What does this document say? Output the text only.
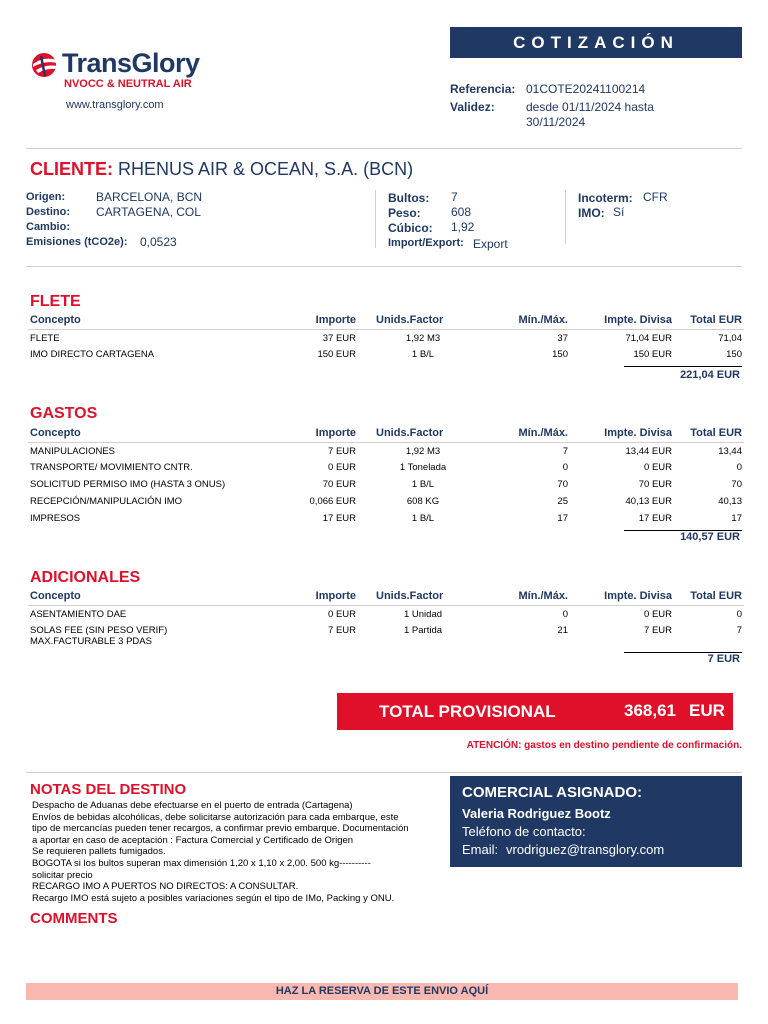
TransGlory
NVOCC & NEUTRAL AIR
www.transglory.com
COTIZACIÓN
Referencia: 01COTE20241100214
Validez:	desde 01/11/2024 hasta
30/11/2024
CLIENTE: RHENUS AIR & OCEAN, S.A. (BCN)
Origen:	BARCELONA, BCN
Destino: CARTAGENA, COL
Cambio:
Emisiones (tCO2e): 0,0523
Bultos: 7
Peso:	608
Cúbico: 1,92
Import/Export: Export
Incoterm: CFR
IMO: Sí
FLETE
Concepto	Importe	Unids.Factor	Mín./Máx.	Impte. Divisa	Total EUR
FLETE	37 EUR	1,92 M3	37	71,04 EUR	71,04
IMO DIRECTO CARTAGENA	150 EUR	1 B/L	150	150 EUR	150
221,04 EUR
GASTOS
Concepto	Importe	Unids.Factor	Mín./Máx.	Impte. Divisa	Total EUR
MANIPULACIONES	7 EUR	1,92 M3	7	13,44 EUR	13,44
TRANSPORTE/ MOVIMIENTO CNTR.	0 EUR	1 Tonelada	0	0 EUR	0
SOLICITUD PERMISO IMO (HASTA 3 ONUS)	70 EUR	1 B/L	70	70 EUR	70
RECEPCIÓN/MANIPULACIÓN IMO	0,066 EUR	608 KG	25	40,13 EUR	40,13
IMPRESOS	17 EUR	1 B/L	17	17 EUR	17
140,57 EUR
ADICIONALES
Concepto	Importe	Unids.Factor	Mín./Máx.	Impte. Divisa	Total EUR
ASENTAMIENTO DAE	0 EUR	1 Unidad	0	0 EUR	0

SOLAS FEE (SIN PESO VERIF)
MAX.FACTURABLE 3 PDAS	7 EUR	1 Partida	21	7 EUR	7
7 EUR
TOTAL PROVISIONAL	368,61 EUR
ATENCIÓN: gastos en destino pendiente de confirmación.
NOTAS DEL DESTINO
Despacho de Aduanas debe efectuarse en el puerto de entrada (Cartagena)
Envíos de bebidas alcohólicas, debe solicitarse autorización para cada embarque, este
tipo de mercancías pueden tener recargos, a confirmar previo embarque. Documentación
a aportar en caso de aceptación : Factura Comercial y Certificado de Origen
Se requieren pallets fumigados.
BOGOTA si los bultos superan max dimensión 1,20 x 1,10 x 2,00. 500 kg----------
solicitar precio
RECARGO IMO A PUERTOS NO DIRECTOS: A CONSULTAR.
Recargo IMO está sujeto a posibles variaciones según el tipo de IMo, Packing y ONU.
COMMENTS
COMERCIAL ASIGNADO:
Valeria Rodriguez Bootz
Teléfono de contacto:
Email: vrodriguez@transglory.com
HAZ LA RESERVA DE ESTE ENVIO AQUÍ
